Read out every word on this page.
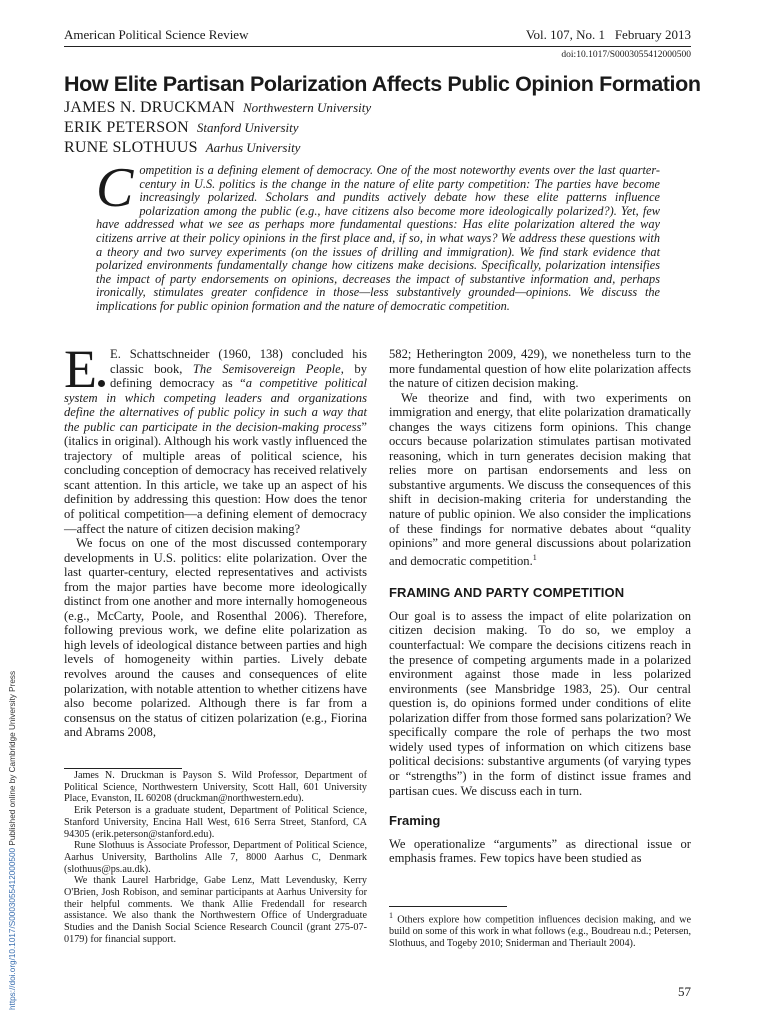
American Political Science Review	Vol. 107, No. 1 February 2013
doi:10.1017/S0003055412000500
How Elite Partisan Polarization Affects Public Opinion Formation
JAMES N. DRUCKMAN Northwestern University
ERIK PETERSON Stanford University
RUNE SLOTHUUS Aarhus University
Competition is a defining element of democracy. One of the most noteworthy events over the last quarter-century in U.S. politics is the change in the nature of elite party competition: The parties have become increasingly polarized. Scholars and pundits actively debate how these elite patterns influence polarization among the public (e.g., have citizens also become more ideologically polarized?). Yet, few have addressed what we see as perhaps more fundamental questions: Has elite polarization altered the way citizens arrive at their policy opinions in the first place and, if so, in what ways? We address these questions with a theory and two survey experiments (on the issues of drilling and immigration). We find stark evidence that polarized environments fundamentally change how citizens make decisions. Specifically, polarization intensifies the impact of party endorsements on opinions, decreases the impact of substantive information and, perhaps ironically, stimulates greater confidence in those—less substantively grounded—opinions. We discuss the implications for public opinion formation and the nature of democratic competition.

E	E. Schattschneider (1960, 138) concluded his classic book, The Semisovereign People, by defining democracy as “a competitive political system in which competing leaders and organizations define the alternatives of public policy in such a way that the public can participate in the decision-making process” (italics in original). Although his work vastly influenced the trajectory of multiple areas of political science, his concluding conception of democracy has received relatively scant attention. In this article, we take up an aspect of his definition by addressing this question: How does the tenor of political competition—a defining element of democracy—affect the nature of citizen decision making?

We focus on one of the most discussed contemporary developments in U.S. politics: elite polarization. Over the last quarter-century, elected representatives and activists from the major parties have become more ideologically distinct from one another and more internally homogeneous (e.g., McCarty, Poole, and Rosenthal 2006). Therefore, following previous work, we define elite polarization as high levels of ideological distance between parties and high levels of homogeneity within parties. Lively debate revolves around the causes and consequences of elite polarization, with notable attention to whether citizens have also become polarized. Although there is far from a consensus on the status of citizen polarization (e.g., Fiorina and Abrams 2008,

582; Hetherington 2009, 429), we nonetheless turn to the more fundamental question of how elite polarization affects the nature of citizen decision making.

We theorize and find, with two experiments on immigration and energy, that elite polarization dramatically changes the ways citizens form opinions. This change occurs because polarization stimulates partisan motivated reasoning, which in turn generates decision making that relies more on partisan endorsements and less on substantive arguments. We discuss the consequences of this shift in decision-making criteria for understanding the nature of public opinion. We also consider the implications of these findings for normative debates about “quality opinions” and more general discussions about polarization and democratic competition.$^1$

FRAMING AND PARTY COMPETITION

Our goal is to assess the impact of elite polarization on citizen decision making. To do so, we employ a counterfactual: We compare the decisions citizens reach in the presence of competing arguments made in a polarized environment against those made in less polarized environments (see Mansbridge 1983, 25). Our central question is, do opinions formed under conditions of elite polarization differ from those formed sans polarization? We specifically compare the role of perhaps the two most widely used types of information on which citizens base political decisions: substantive arguments (of varying types or “strengths”) in the form of distinct issue frames and partisan cues. We discuss each in turn.

Framing

We operationalize “arguments” as directional issue or emphasis frames. Few topics have been studied as

James N. Druckman is Payson S. Wild Professor, Department of Political Science, Northwestern University, Scott Hall, 601 University Place, Evanston, IL 60208 (druckman@northwestern.edu).

Erik Peterson is a graduate student, Department of Political Science, Stanford University, Encina Hall West, 616 Serra Street, Stanford, CA 94305 (erik.peterson@stanford.edu).

Rune Slothuus is Associate Professor, Department of Political Science, Aarhus University, Bartholins Alle 7, 8000 Aarhus C, Denmark (slothuus@ps.au.dk).

We thank Laurel Harbridge, Gabe Lenz, Matt Levendusky, Kerry O'Brien, Josh Robison, and seminar participants at Aarhus University for their helpful comments. We thank Allie Fredendall for research assistance. We also thank the Northwestern Office of Undergraduate Studies and the Danish Social Science Research Council (grant 275-07-0179) for financial support.

$^1$ Others explore how competition influences decision making, and we build on some of this work in what follows (e.g., Boudreau n.d.; Petersen, Slothuus, and Togeby 2010; Sniderman and Theriault 2004).

57
https://doi.org/10.1017/S0003055412000500 Published online by Cambridge University Press
